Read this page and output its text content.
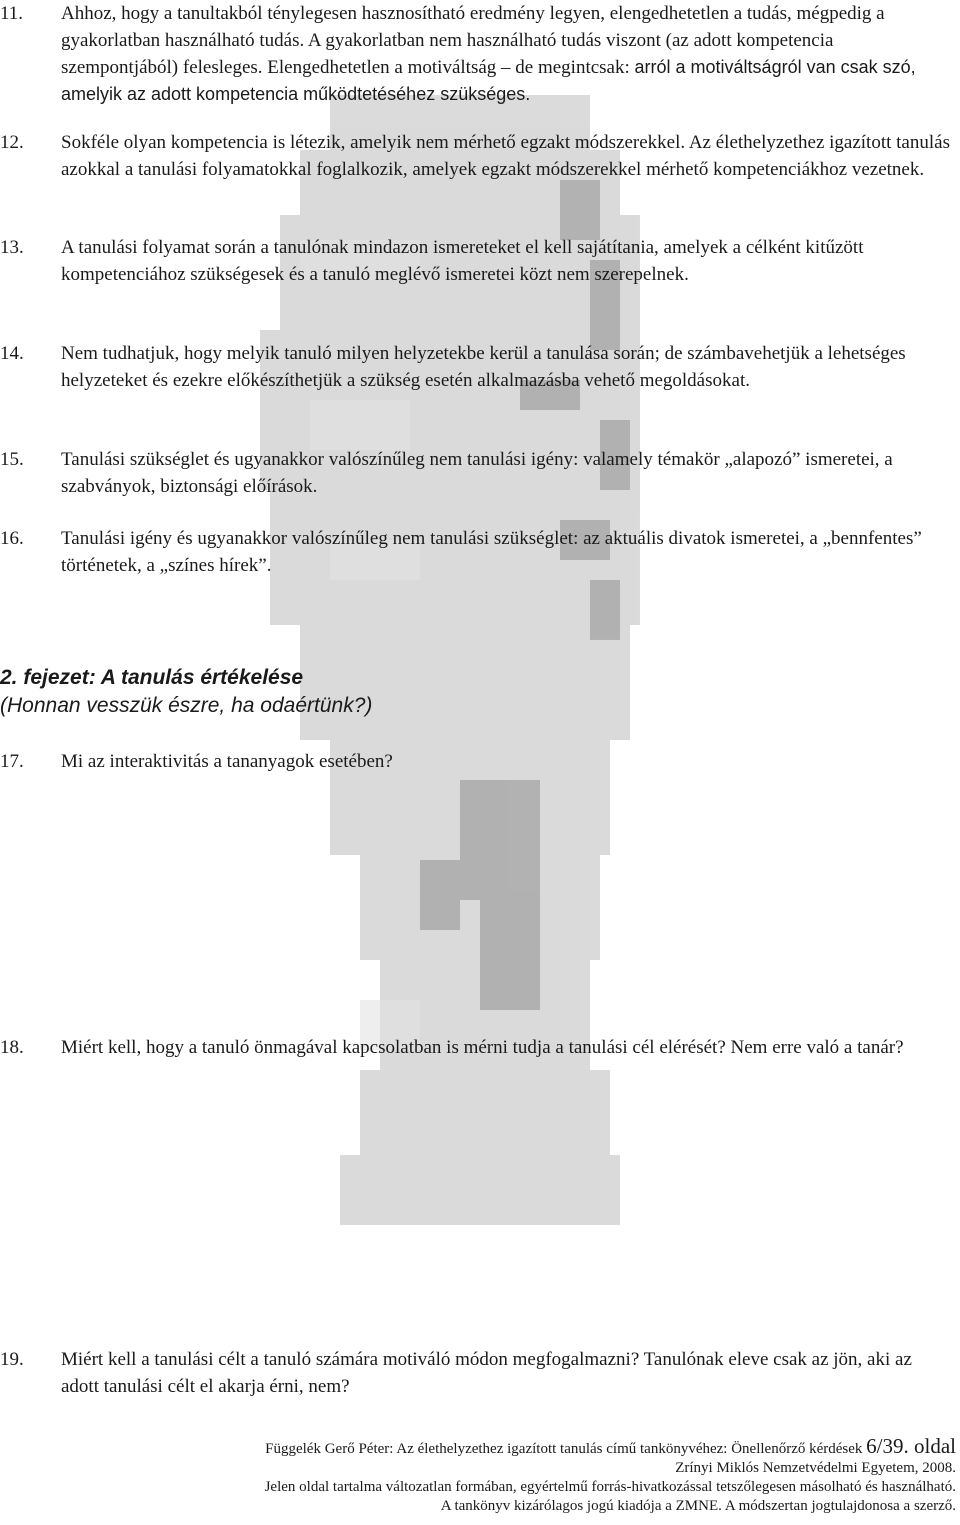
11.	Ahhoz, hogy a tanultakból ténylegesen hasznosítható eredmény legyen, elengedhetetlen a tudás, mégpedig a gyakorlatban használható tudás. A gyakorlatban nem használható tudás viszont (az adott kompetencia szempontjából) felesleges. Elengedhetetlen a motiváltság – de megintcsak: arról a motiváltságról van csak szó, amelyik az adott kompetencia működtetéséhez szükséges.
12.	Sokféle olyan kompetencia is létezik, amelyik nem mérhető egzakt módszerekkel. Az élethelyzethez igazított tanulás azokkal a tanulási folyamatokkal foglalkozik, amelyek egzakt módszerekkel mérhető kompetenciákhoz vezetnek.
13.	A tanulási folyamat során a tanulónak mindazon ismereteket el kell sajátítania, amelyek a célként kitűzött kompetenciához szükségesek és a tanuló meglévő ismeretei közt nem szerepelnek.
14.	Nem tudhatjuk, hogy melyik tanuló milyen helyzetekbe kerül a tanulása során; de számbavehetjük a lehetséges helyzeteket és ezekre előkészíthetjük a szükség esetén alkalmazásba vehető megoldásokat.
15.	Tanulási szükséglet és ugyanakkor valószínűleg nem tanulási igény: valamely témakör „alapozó” ismeretei, a szabványok, biztonsági előírások.
16.	Tanulási igény és ugyanakkor valószínűleg nem tanulási szükséglet: az aktuális divatok ismeretei, a „bennfentes” történetek, a „színes hírek”.
2. fejezet: A tanulás értékelése
(Honnan vesszük észre, ha odaértünk?)
17.	Mi az interaktivitás a tananyagok esetében?
18.	Miért kell, hogy a tanuló önmagával kapcsolatban is mérni tudja a tanulási cél elérését? Nem erre való a tanár?
19.	Miért kell a tanulási célt a tanuló számára motiváló módon megfogalmazni? Tanulónak eleve csak az jön, aki az adott tanulási célt el akarja érni, nem?
Függelék Gerő Péter: Az élethelyzethez igazított tanulás című tankönyvéhez: Önellenőrző kérdések 6/39. oldal
Zrínyi Miklós Nemzetvédelmi Egyetem, 2008.
Jelen oldal tartalma változatlan formában, egyértelmű forrás-hivatkozással tetszőlegesen másolható és használható.
A tankönyv kizárólagos jogú kiadója a ZMNE. A módszertan jogtulajdonosa a szerző.
